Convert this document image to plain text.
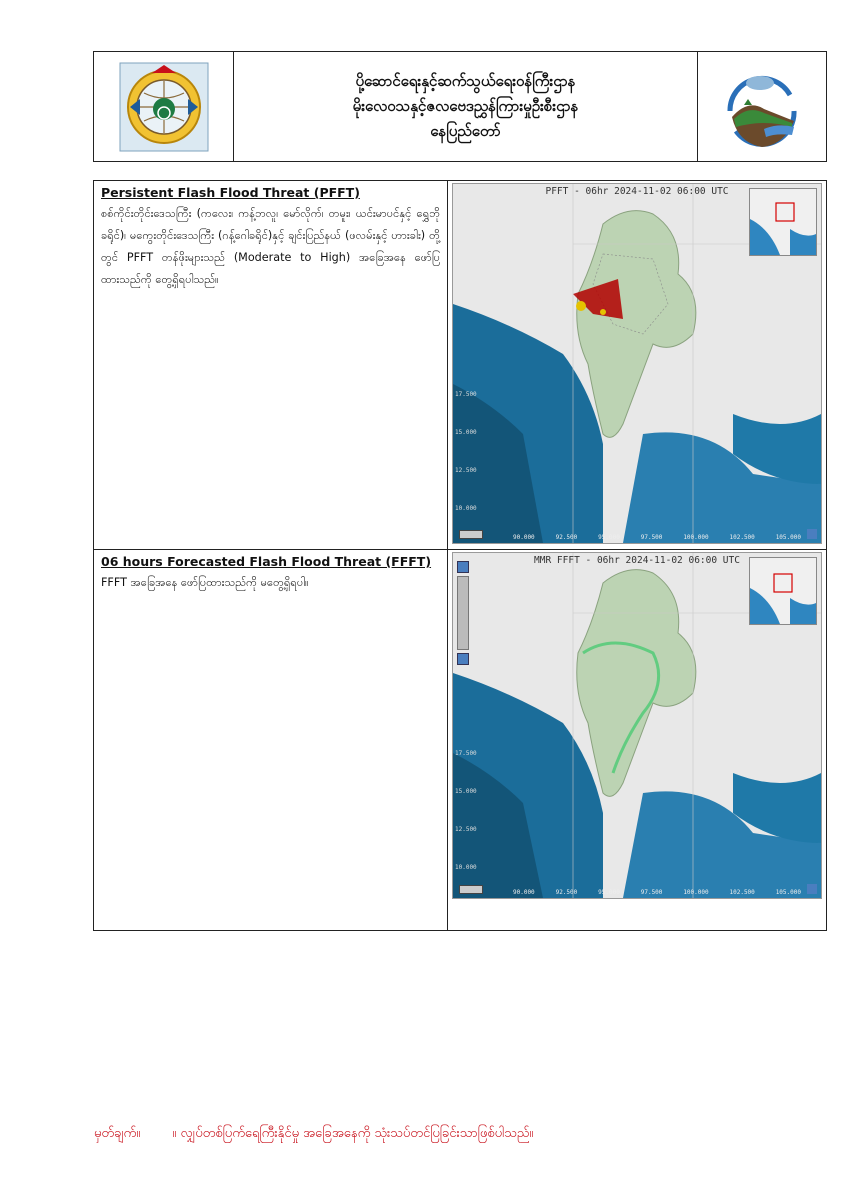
ပို့ဆောင်ရေးနှင့်ဆက်သွယ်ရေးဝန်ကြီးဌာန
မိုးလေဝသနှင့်ဇလဗေဒညွှန်ကြားမှုဦးစီးဌာန
နေပြည်တော်
Persistent Flash Flood Threat (PFFT)
စစ်ကိုင်းတိုင်းဒေသကြီး (ကလေး၊ ကန့်ဘလူ၊ မော်လိုက်၊ တမူး၊ ယင်းမာပင်နှင့် ရွှေဘိုခရိုင်)၊ မကွေးတိုင်းဒေသကြီး (ဂန့်ဂေါခရိုင်)နှင့် ချင်းပြည်နယ် (ဖလမ်းနှင့် ဟားခါး) တို့တွင် PFFT တန်ဖိုးများသည် (Moderate to High) အခြေအနေ ဖော်ပြထားသည်ကို တွေ့ရှိရပါသည်။
PFFT - 06hr 2024-11-02 06:00 UTC
17.500
15.000
12.500
10.000
90.000	92.500	95.000	97.500	100.000	102.500	105.000
06 hours Forecasted Flash Flood Threat (FFFT)
FFFT အခြေအနေ ဖော်ပြထားသည်ကို မတွေ့ရှိရပါ။
MMR FFFT - 06hr 2024-11-02 06:00 UTC
17.500
15.000
12.500
10.000
90.000	92.500	95.000	97.500	100.000	102.500	105.000
မှတ်ချက်။ ။ လျှပ်တစ်ပြက်ရေကြီးနိုင်မှု အခြေအနေကို သုံးသပ်တင်ပြခြင်းသာဖြစ်ပါသည်။
